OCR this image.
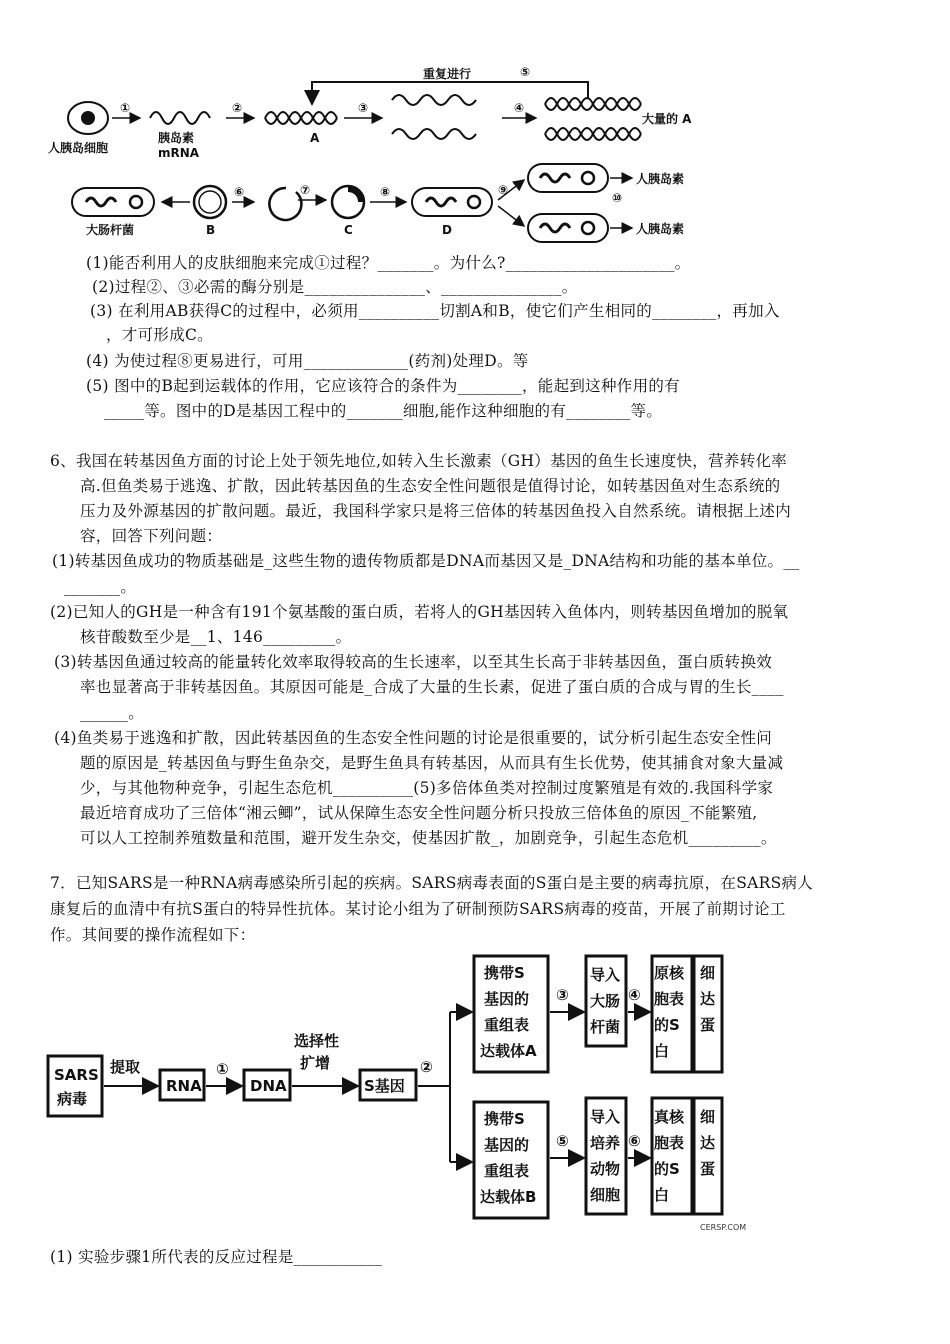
重复进行	⑤
人胰岛细胞
①
胰岛素
mRNA
②
A
③	④
大量的 A
大肠杆菌	B
⑥	⑦
C
⑧
D
⑨
人胰岛素
⑩
人胰岛素
(1)能否利用人的皮肤细胞来完成①过程？_______。为什么?_____________________。
(2)过程②、③必需的酶分别是_______________、_______________。
(3) 在利用AB获得C的过程中，必须用__________切割A和B，使它们产生相同的________，再加入
，才可形成C。
(4) 为使过程⑧更易进行，可用_____________(药剂)处理D。等
(5) 图中的B起到运载体的作用，它应该符合的条件为________，能起到这种作用的有
_____等。图中的D是基因工程中的_______细胞,能作这种细胞的有________等。
6、我国在转基因鱼方面的讨论上处于领先地位,如转入生长激素（GH）基因的鱼生长速度快，营养转化率
高.但鱼类易于逃逸、扩散，因此转基因鱼的生态安全性问题很是值得讨论，如转基因鱼对生态系统的
压力及外源基因的扩散问题。最近，我国科学家只是将三倍体的转基因鱼投入自然系统。请根据上述内
容，回答下列问题：
(1)转基因鱼成功的物质基础是_这些生物的遗传物质都是DNA而基因又是_DNA结构和功能的基本单位。__
_______。
(2)已知人的GH是一种含有191个氨基酸的蛋白质，若将人的GH基因转入鱼体内，则转基因鱼增加的脱氧
核苷酸数至少是__1、146_________。
(3)转基因鱼通过较高的能量转化效率取得较高的生长速率，以至其生长高于非转基因鱼，蛋白质转换效
率也显著高于非转基因鱼。其原因可能是_合成了大量的生长素，促进了蛋白质的合成与胃的生长____
______。
(4)鱼类易于逃逸和扩散，因此转基因鱼的生态安全性问题的讨论是很重要的，试分析引起生态安全性问
题的原因是_转基因鱼与野生鱼杂交，是野生鱼具有转基因，从而具有生长优势，使其捕食对象大量减
少，与其他物种竞争，引起生态危机__________(5)多倍体鱼类对控制过度繁殖是有效的.我国科学家
最近培育成功了三倍体“湘云鲫”，试从保障生态安全性问题分析只投放三倍体鱼的原因_不能繁殖,
可以人工控制养殖数量和范围，避开发生杂交，使基因扩散_，加剧竞争，引起生态危机_________。
7．已知SARS是一种RNA病毒感染所引起的疾病。SARS病毒表面的S蛋白是主要的病毒抗原，在SARS病人
康复后的血清中有抗S蛋白的特异性抗体。某讨论小组为了研制预防SARS病毒的疫苗，开展了前期讨论工
作。其间要的操作流程如下：
SARS
病毒
提取
RNA
①
DNA
选择性
扩增
S基因
②
携带S
基因的
重组表
达载体A
③
导入
大肠
杆菌
④
原核
胞表
的S
白
细
达
蛋
携带S
基因的
重组表
达载体B
⑤
导入
培养
动物
细胞
⑥
真核
胞表
的S
白
细
达
蛋
CERSP.COM
(1) 实验步骤1所代表的反应过程是___________
